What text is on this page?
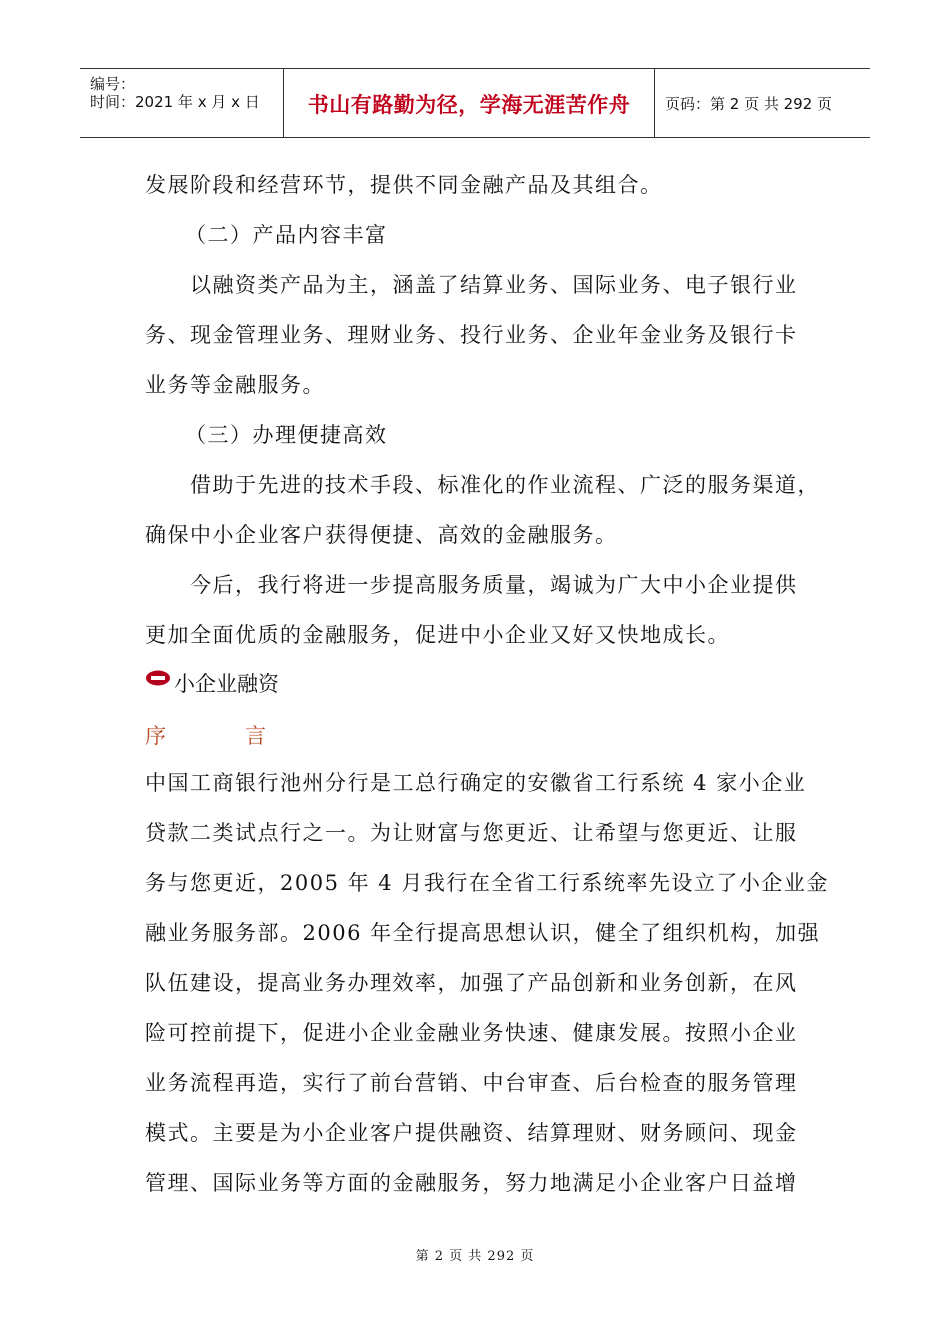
编号：
时间：2021 年 x 月 x 日	书山有路勤为径，学海无涯苦作舟	页码：第 2 页 共 292 页
发展阶段和经营环节，提供不同金融产品及其组合。
（二）产品内容丰富
以融资类产品为主，涵盖了结算业务、国际业务、电子银行业
务、现金管理业务、理财业务、投行业务、企业年金业务及银行卡
业务等金融服务。
（三）办理便捷高效
借助于先进的技术手段、标准化的作业流程、广泛的服务渠道，
确保中小企业客户获得便捷、高效的金融服务。
今后，我行将进一步提高服务质量，竭诚为广大中小企业提供
更加全面优质的金融服务，促进中小企业又好又快地成长。
小企业融资
序	言
中国工商银行池州分行是工总行确定的安徽省工行系统 4 家小企业
贷款二类试点行之一。为让财富与您更近、让希望与您更近、让服
务与您更近，2005 年 4 月我行在全省工行系统率先设立了小企业金
融业务服务部。2006 年全行提高思想认识，健全了组织机构，加强
队伍建设，提高业务办理效率，加强了产品创新和业务创新，在风
险可控前提下，促进小企业金融业务快速、健康发展。按照小企业
业务流程再造，实行了前台营销、中台审查、后台检查的服务管理
模式。主要是为小企业客户提供融资、结算理财、财务顾问、现金
管理、国际业务等方面的金融服务，努力地满足小企业客户日益增
第 2 页 共 292 页
